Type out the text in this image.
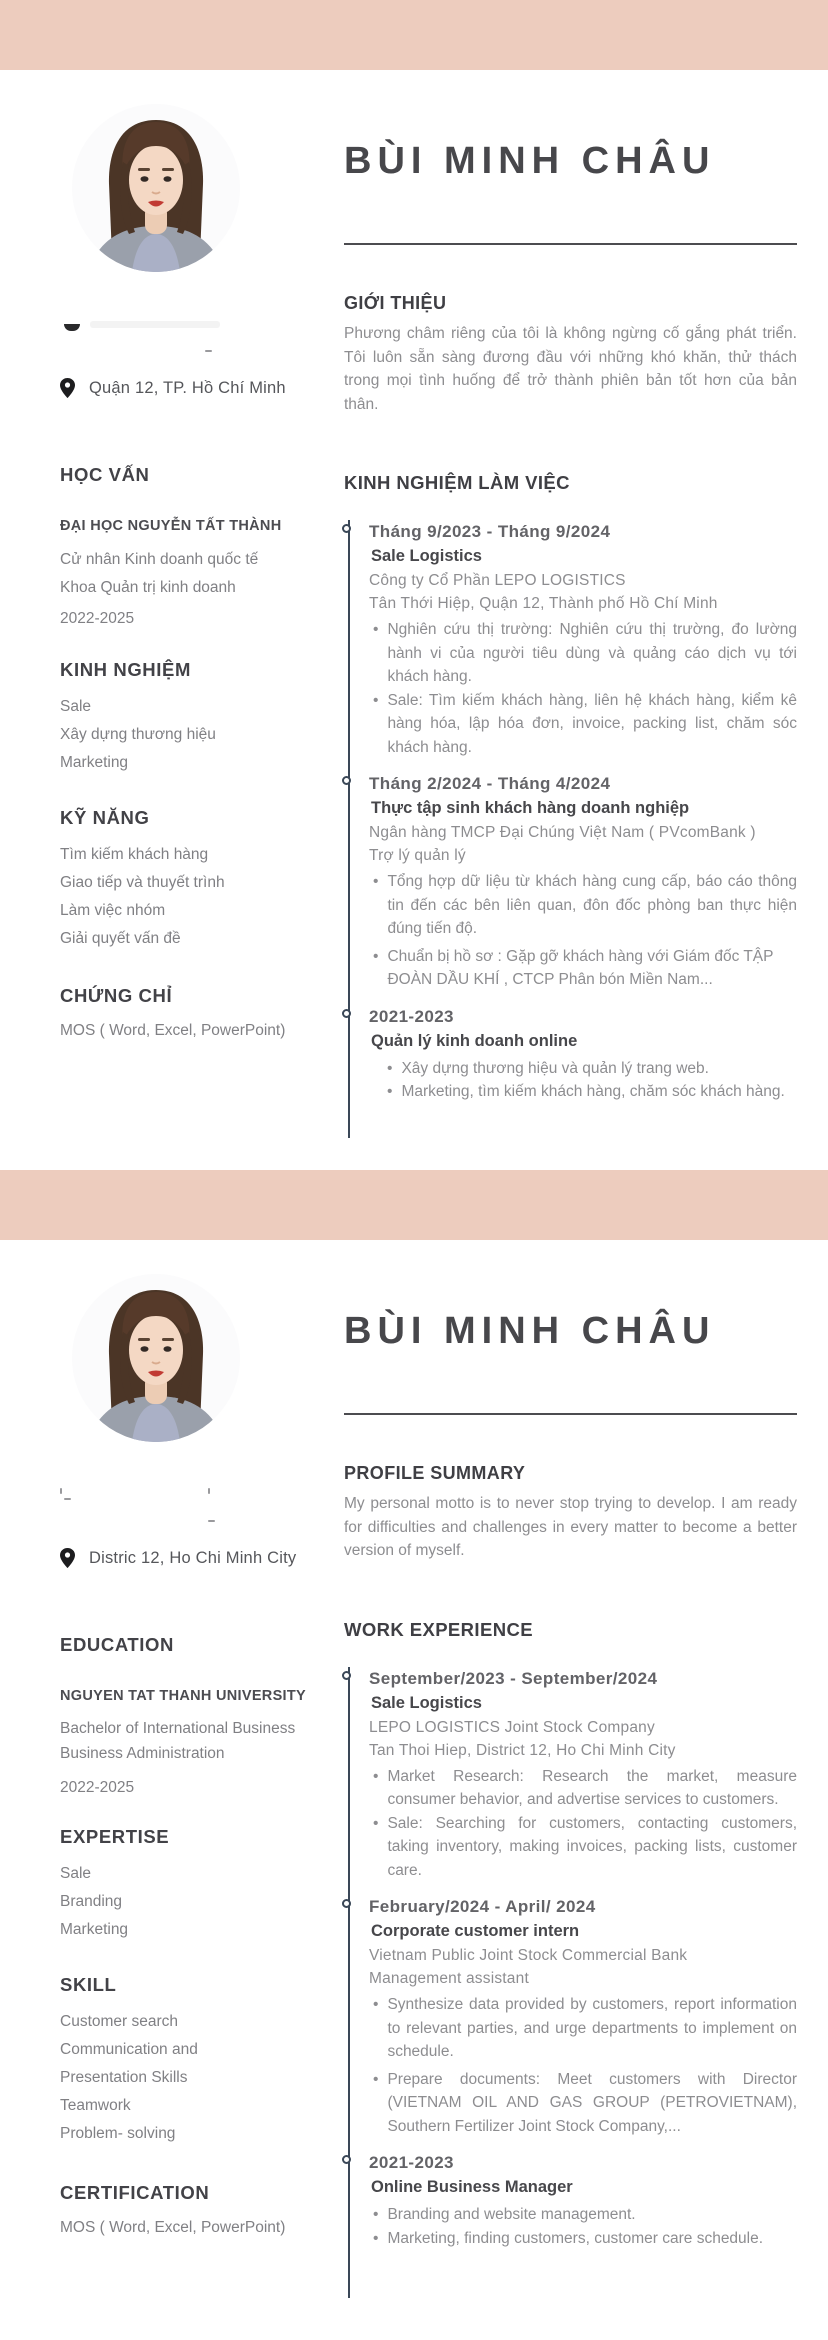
BÙI MINH CHÂU
Quận 12, TP. Hồ Chí Minh
HỌC VẤN
ĐẠI HỌC NGUYỄN TẤT THÀNH
Cử nhân Kinh doanh quốc tế
Khoa Quản trị kinh doanh
2022-2025
KINH NGHIỆM
Sale
Xây dựng thương hiệu
Marketing
KỸ NĂNG
Tìm kiếm khách hàng
Giao tiếp và thuyết trình
Làm việc nhóm
Giải quyết vấn đề
CHỨNG CHỈ
MOS ( Word, Excel, PowerPoint)
GIỚI THIỆU
Phương châm riêng của tôi là không ngừng cố gắng phát triển. Tôi luôn sẵn sàng đương đầu với những khó khăn, thử thách trong mọi tình huống để trở thành phiên bản tốt hơn của bản thân.
KINH NGHIỆM LÀM VIỆC
Tháng 9/2023 - Tháng 9/2024
Sale Logistics
Công ty Cổ Phần LEPO LOGISTICS
Tân Thới Hiệp, Quận 12, Thành phố Hồ Chí Minh
• Nghiên cứu thị trường: Nghiên cứu thị trường, đo lường hành vi của người tiêu dùng và quảng cáo dịch vụ tới khách hàng.
• Sale: Tìm kiếm khách hàng, liên hệ khách hàng, kiểm kê hàng hóa, lập hóa đơn, invoice, packing list, chăm sóc khách hàng.
Tháng 2/2024 - Tháng 4/2024
Thực tập sinh khách hàng doanh nghiệp
Ngân hàng TMCP Đại Chúng Việt Nam ( PVcomBank )
Trợ lý quản lý
• Tổng hợp dữ liệu từ khách hàng cung cấp, báo cáo thông tin đến các bên liên quan, đôn đốc phòng ban thực hiện đúng tiến độ.
• Chuẩn bị hồ sơ : Gặp gỡ khách hàng với Giám đốc TẬP ĐOÀN DẦU KHÍ , CTCP Phân bón Miền Nam...
2021-2023
Quản lý kinh doanh online
• Xây dựng thương hiệu và quản lý trang web.
• Marketing, tìm kiếm khách hàng, chăm sóc khách hàng.
BÙI MINH CHÂU
Distric 12, Ho Chi Minh City
EDUCATION
NGUYEN TAT THANH UNIVERSITY
Bachelor of International Business
Business Administration
2022-2025
EXPERTISE
Sale
Branding
Marketing
SKILL
Customer search
Communication and Presentation Skills
Teamwork
Problem- solving
CERTIFICATION
MOS ( Word, Excel, PowerPoint)
PROFILE SUMMARY
My personal motto is to never stop trying to develop. I am ready for difficulties and challenges in every matter to become a better version of myself.
WORK EXPERIENCE
September/2023 - September/2024
Sale Logistics
LEPO LOGISTICS Joint Stock Company
Tan Thoi Hiep, District 12, Ho Chi Minh City
• Market Research: Research the market, measure consumer behavior, and advertise services to customers.
• Sale: Searching for customers, contacting customers, taking inventory, making invoices, packing lists, customer care.
February/2024 - April/ 2024
Corporate customer intern
Vietnam Public Joint Stock Commercial Bank
Management assistant
• Synthesize data provided by customers, report information to relevant parties, and urge departments to implement on schedule.
• Prepare documents: Meet customers with Director (VIETNAM OIL AND GAS GROUP (PETROVIETNAM), Southern Fertilizer Joint Stock Company,...
2021-2023
Online Business Manager
• Branding and website management.
• Marketing, finding customers, customer care schedule.
